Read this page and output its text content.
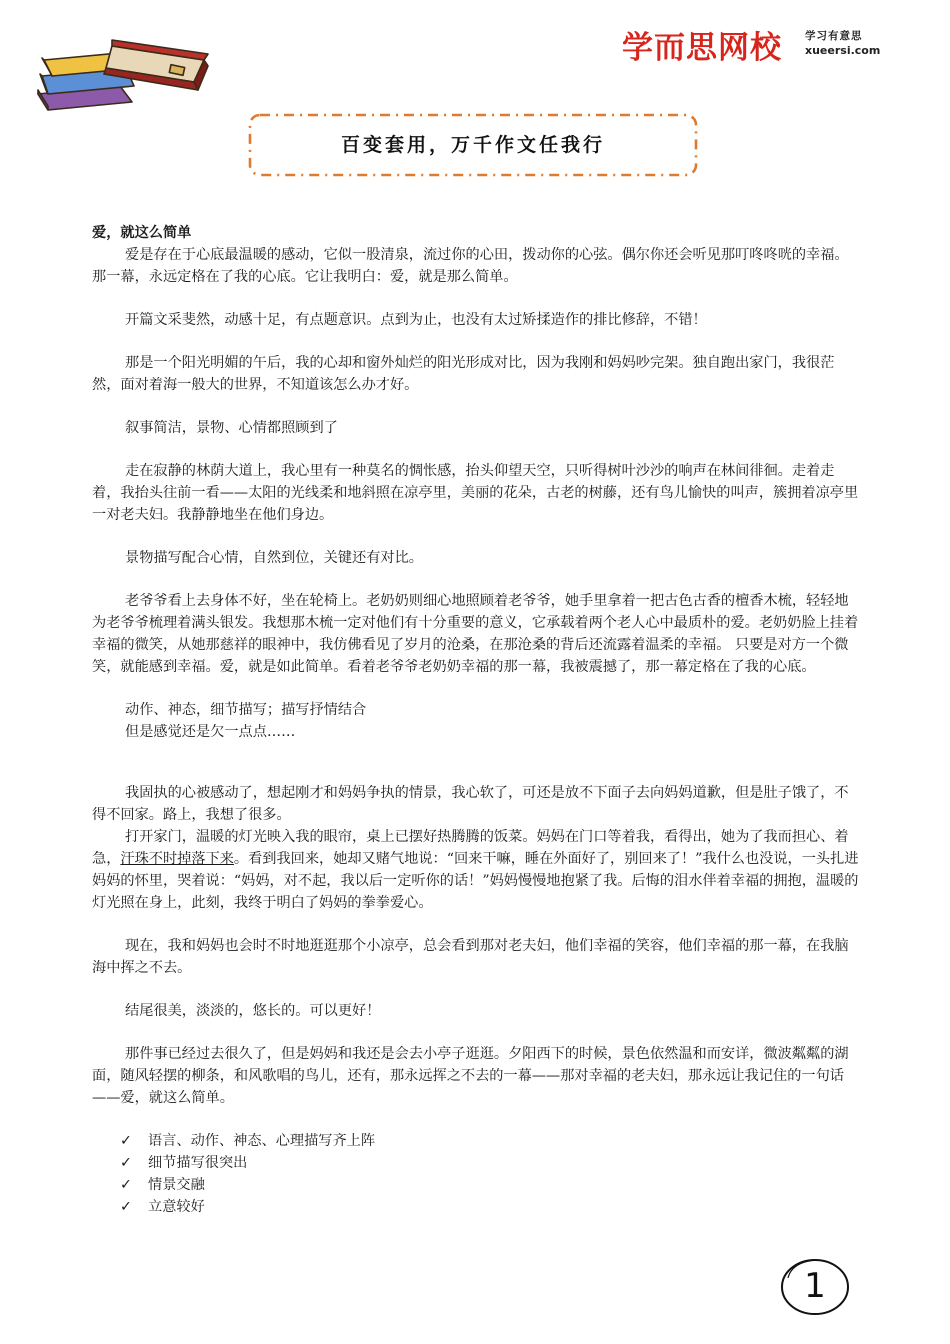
学而思网校 学习有意思
xueersi.com
百变套用，万千作文任我行

爱，就这么简单

爱是存在于心底最温暖的感动，它似一股清泉，流过你的心田，拨动你的心弦。偶尔你还会听见那叮咚咚咣的幸福。那一幕，永远定格在了我的心底。它让我明白：爱，就是那么简单。

开篇文采斐然，动感十足，有点题意识。点到为止，也没有太过矫揉造作的排比修辞，不错！

那是一个阳光明媚的午后，我的心却和窗外灿烂的阳光形成对比，因为我刚和妈妈吵完架。独自跑出家门，我很茫然，面对着海一般大的世界，不知道该怎么办才好。

叙事简洁，景物、心情都照顾到了

走在寂静的林荫大道上，我心里有一种莫名的惆怅感，抬头仰望天空，只听得树叶沙沙的响声在林间徘徊。走着走着，我抬头往前一看——太阳的光线柔和地斜照在凉亭里，美丽的花朵，古老的树藤，还有鸟儿愉快的叫声，簇拥着凉亭里一对老夫妇。我静静地坐在他们身边。

景物描写配合心情，自然到位，关键还有对比。

老爷爷看上去身体不好，坐在轮椅上。老奶奶则细心地照顾着老爷爷，她手里拿着一把古色古香的檀香木梳，轻轻地为老爷爷梳理着满头银发。我想那木梳一定对他们有十分重要的意义，它承载着两个老人心中最质朴的爱。老奶奶脸上挂着幸福的微笑，从她那慈祥的眼神中，我仿佛看见了岁月的沧桑，在那沧桑的背后还流露着温柔的幸福。 只要是对方一个微笑，就能感到幸福。爱，就是如此简单。看着老爷爷老奶奶幸福的那一幕，我被震撼了，那一幕定格在了我的心底。

动作、神态，细节描写；描写抒情结合

但是感觉还是欠一点点……

我固执的心被感动了，想起刚才和妈妈争执的情景，我心软了，可还是放不下面子去向妈妈道歉，但是肚子饿了，不得不回家。路上，我想了很多。

打开家门，温暖的灯光映入我的眼帘，桌上已摆好热腾腾的饭菜。妈妈在门口等着我，看得出，她为了我而担心、着急，汗珠不时掉落下来。看到我回来，她却又赌气地说：“回来干嘛，睡在外面好了，别回来了！”我什么也没说，一头扎进妈妈的怀里，哭着说：“妈妈，对不起，我以后一定听你的话！”妈妈慢慢地抱紧了我。后悔的泪水伴着幸福的拥抱，温暖的灯光照在身上，此刻，我终于明白了妈妈的拳拳爱心。

现在，我和妈妈也会时不时地逛逛那个小凉亭，总会看到那对老夫妇，他们幸福的笑容，他们幸福的那一幕，在我脑海中挥之不去。

结尾很美，淡淡的，悠长的。可以更好！

那件事已经过去很久了，但是妈妈和我还是会去小亭子逛逛。夕阳西下的时候，景色依然温和而安详，微波粼粼的湖面，随风轻摆的柳条，和风歌唱的鸟儿，还有，那永远挥之不去的一幕——那对幸福的老夫妇，那永远让我记住的一句话——爱，就这么简单。

✓ 语言、动作、神态、心理描写齐上阵
✓ 细节描写很突出
✓ 情景交融
✓ 立意较好
1
